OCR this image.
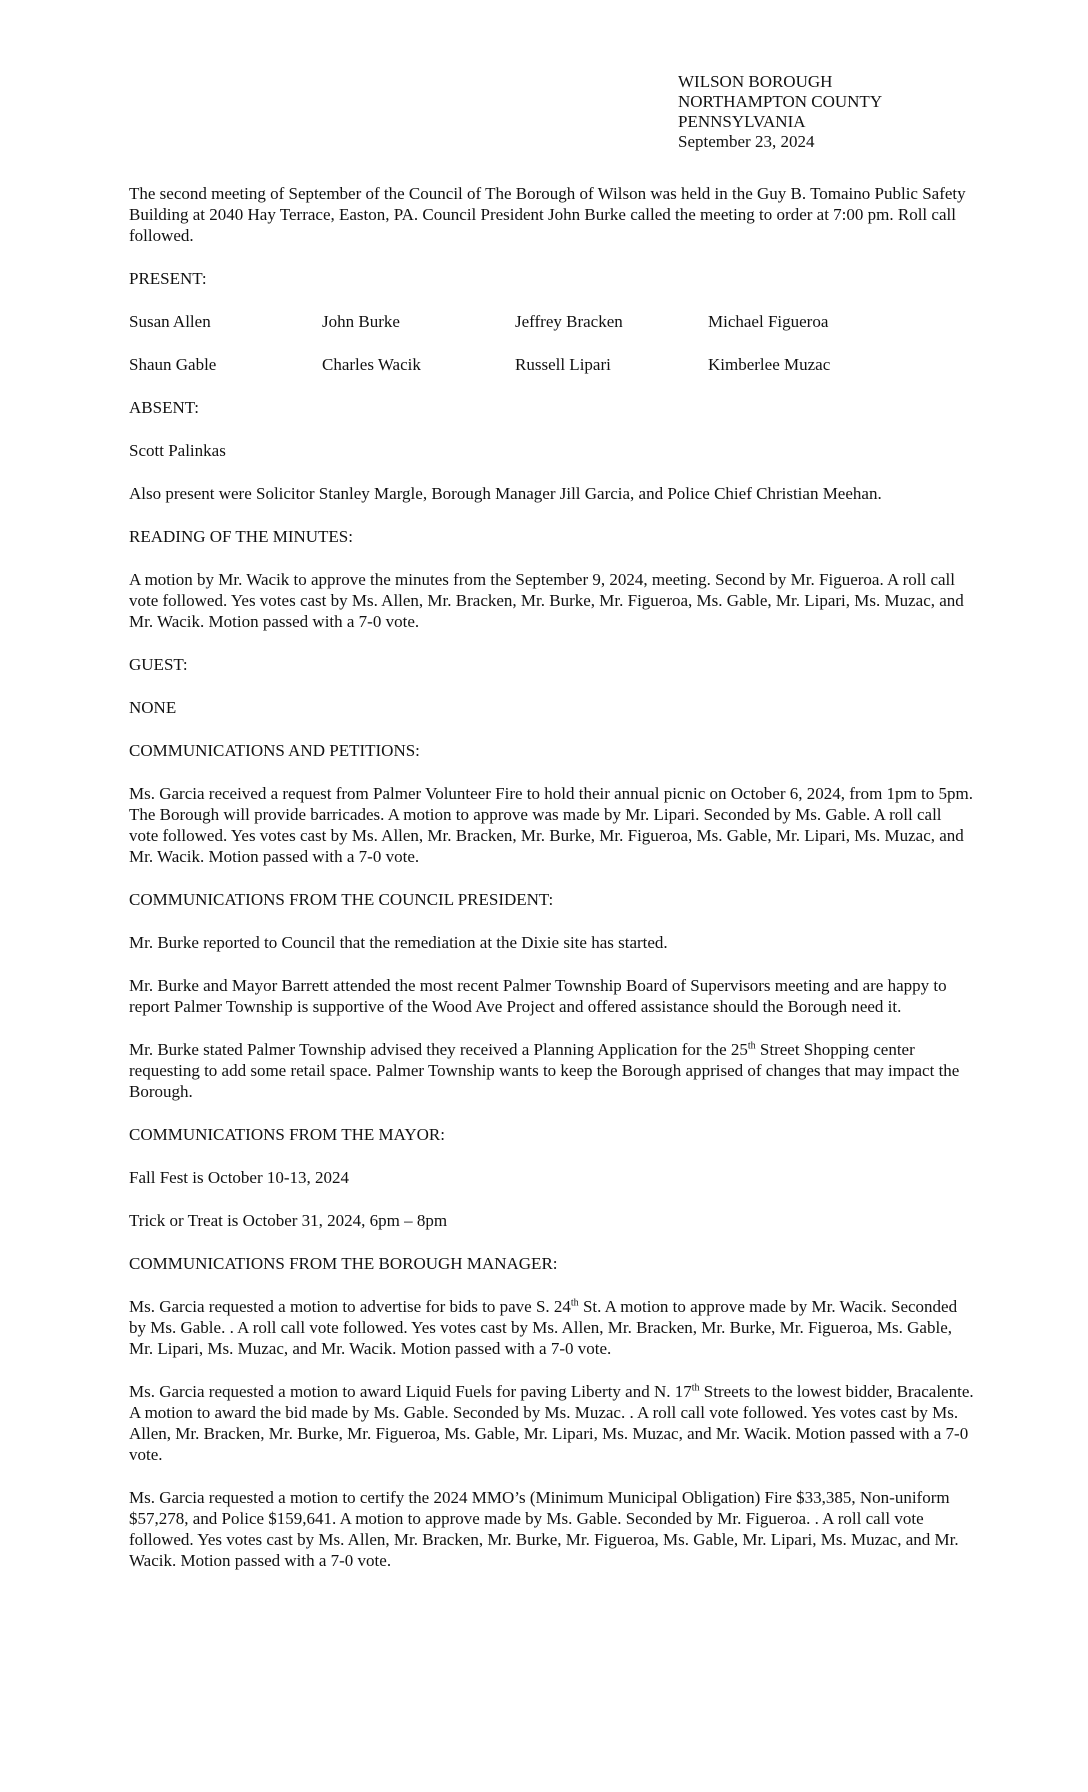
WILSON BOROUGH
NORTHAMPTON COUNTY
PENNSYLVANIA
September 23, 2024

The second meeting of September of the Council of The Borough of Wilson was held in the Guy B. Tomaino Public Safety Building at 2040 Hay Terrace, Easton, PA. Council President John Burke called the meeting to order at 7:00 pm. Roll call followed.

PRESENT:
Susan Allen	John Burke	Jeffrey Bracken	Michael Figueroa
Shaun Gable	Charles Wacik	Russell Lipari	Kimberlee Muzac
ABSENT:
Scott Palinkas

Also present were Solicitor Stanley Margle, Borough Manager Jill Garcia, and Police Chief Christian Meehan.

READING OF THE MINUTES:

A motion by Mr. Wacik to approve the minutes from the September 9, 2024, meeting. Second by Mr. Figueroa. A roll call vote followed. Yes votes cast by Ms. Allen, Mr. Bracken, Mr. Burke, Mr. Figueroa, Ms. Gable, Mr. Lipari, Ms. Muzac, and Mr. Wacik. Motion passed with a 7-0 vote.

GUEST:
NONE
COMMUNICATIONS AND PETITIONS:

Ms. Garcia received a request from Palmer Volunteer Fire to hold their annual picnic on October 6, 2024, from 1pm to 5pm. The Borough will provide barricades. A motion to approve was made by Mr. Lipari. Seconded by Ms. Gable. A roll call vote followed. Yes votes cast by Ms. Allen, Mr. Bracken, Mr. Burke, Mr. Figueroa, Ms. Gable, Mr. Lipari, Ms. Muzac, and Mr. Wacik. Motion passed with a 7-0 vote.

COMMUNICATIONS FROM THE COUNCIL PRESIDENT:

Mr. Burke reported to Council that the remediation at the Dixie site has started.

Mr. Burke and Mayor Barrett attended the most recent Palmer Township Board of Supervisors meeting and are happy to report Palmer Township is supportive of the Wood Ave Project and offered assistance should the Borough need it.

Mr. Burke stated Palmer Township advised they received a Planning Application for the 25th Street Shopping center requesting to add some retail space. Palmer Township wants to keep the Borough apprised of changes that may impact the Borough.

COMMUNICATIONS FROM THE MAYOR:

Fall Fest is October 10-13, 2024

Trick or Treat is October 31, 2024, 6pm – 8pm

COMMUNICATIONS FROM THE BOROUGH MANAGER:

Ms. Garcia requested a motion to advertise for bids to pave S. 24th St. A motion to approve made by Mr. Wacik. Seconded by Ms. Gable. . A roll call vote followed. Yes votes cast by Ms. Allen, Mr. Bracken, Mr. Burke, Mr. Figueroa, Ms. Gable, Mr. Lipari, Ms. Muzac, and Mr. Wacik. Motion passed with a 7-0 vote.

Ms. Garcia requested a motion to award Liquid Fuels for paving Liberty and N. 17th Streets to the lowest bidder, Bracalente. A motion to award the bid made by Ms. Gable. Seconded by Ms. Muzac. . A roll call vote followed. Yes votes cast by Ms. Allen, Mr. Bracken, Mr. Burke, Mr. Figueroa, Ms. Gable, Mr. Lipari, Ms. Muzac, and Mr. Wacik. Motion passed with a 7-0 vote.

Ms. Garcia requested a motion to certify the 2024 MMO’s (Minimum Municipal Obligation) Fire $33,385, Non-uniform $57,278, and Police $159,641. A motion to approve made by Ms. Gable. Seconded by Mr. Figueroa. . A roll call vote followed. Yes votes cast by Ms. Allen, Mr. Bracken, Mr. Burke, Mr. Figueroa, Ms. Gable, Mr. Lipari, Ms. Muzac, and Mr. Wacik. Motion passed with a 7-0 vote.
